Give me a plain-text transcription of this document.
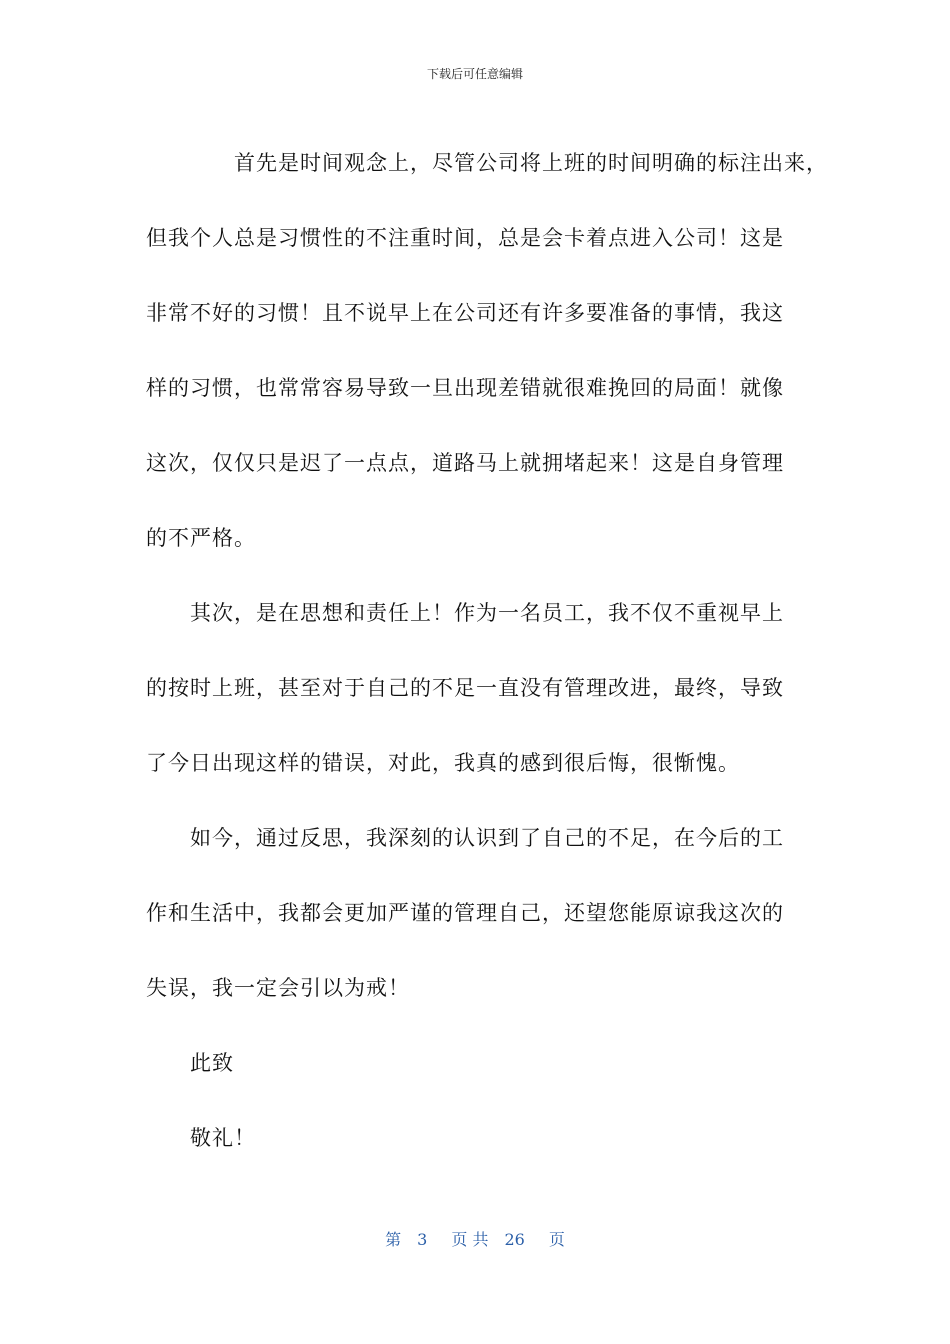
下载后可任意编辑
首先是时间观念上，尽管公司将上班的时间明确的标注出来，
但我个人总是习惯性的不注重时间，总是会卡着点进入公司！这是
非常不好的习惯！且不说早上在公司还有许多要准备的事情，我这
样的习惯，也常常容易导致一旦出现差错就很难挽回的局面！就像
这次，仅仅只是迟了一点点，道路马上就拥堵起来！这是自身管理
的不严格。
其次，是在思想和责任上！作为一名员工，我不仅不重视早上
的按时上班，甚至对于自己的不足一直没有管理改进，最终，导致
了今日出现这样的错误，对此，我真的感到很后悔，很惭愧。
如今，通过反思，我深刻的认识到了自己的不足，在今后的工
作和生活中，我都会更加严谨的管理自己，还望您能原谅我这次的
失误，我一定会引以为戒！
此致
敬礼！
第 3 页 共 26 页
